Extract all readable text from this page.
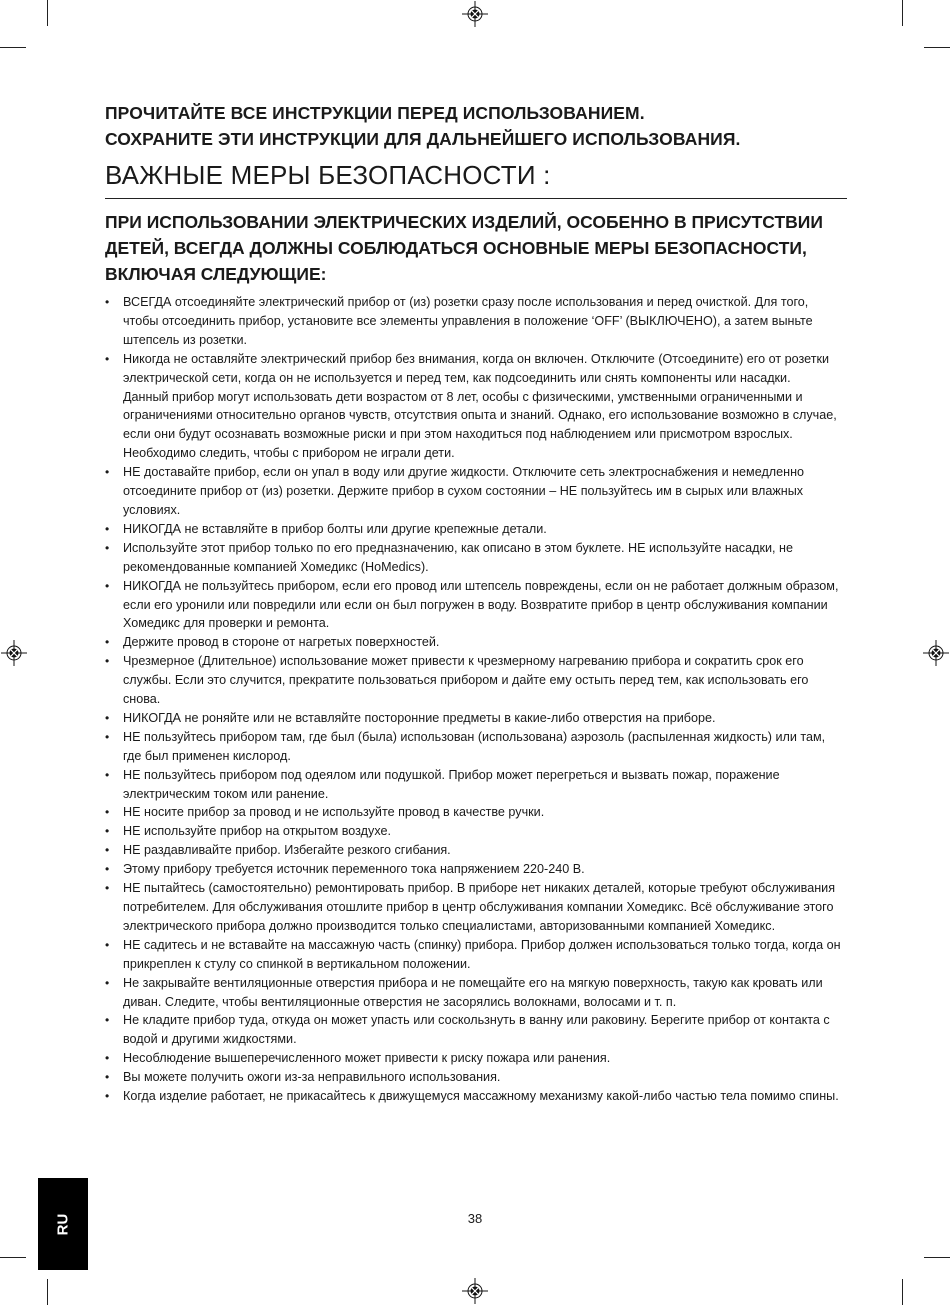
ПРОЧИТАЙТЕ ВСЕ ИНСТРУКЦИИ ПЕРЕД ИСПОЛЬЗОВАНИЕМ.
СОХРАНИТЕ ЭТИ ИНСТРУКЦИИ ДЛЯ ДАЛЬНЕЙШЕГО ИСПОЛЬЗОВАНИЯ.

ВАЖНЫЕ МЕРЫ БЕЗОПАСНОСТИ :
ПРИ ИСПОЛЬЗОВАНИИ ЭЛЕКТРИЧЕСКИХ ИЗДЕЛИЙ, ОСОБЕННО В ПРИСУТСТВИИ ДЕТЕЙ, ВСЕГДА ДОЛЖНЫ СОБЛЮДАТЬСЯ ОСНОВНЫЕ МЕРЫ БЕЗОПАСНОСТИ, ВКЛЮЧАЯ СЛЕДУЮЩИЕ:

• ВСЕГДА отсоединяйте электрический прибор от (из) розетки сразу после использования и перед очисткой. Для того, чтобы отсоединить прибор, установите все элементы управления в положение ‘OFF’ (ВЫКЛЮЧЕНО), а затем выньте штепсель из розетки.

• Никогда не оставляйте электрический прибор без внимания, когда он включен. Отключите (Отсоедините) его от розетки электрической сети, когда он не используется и перед тем, как подсоединить или снять компоненты или насадки.

Данный прибор могут использовать дети возрастом от 8 лет, особы с физическими, умственными ограниченными и ограничениями относительно органов чувств, отсутствия опыта и знаний. Однако, его использование возможно в случае, если они будут осознавать возможные риски и при этом находиться под наблюдением или присмотром взрослых.

Необходимо следить, чтобы с прибором не играли дети.

• НЕ доставайте прибор, если он упал в воду или другие жидкости. Отключите сеть электроснабжения и немедленно отсоедините прибор от (из) розетки. Держите прибор в сухом состоянии – НЕ пользуйтесь им в сырых или влажных условиях.

• НИКОГДА не вставляйте в прибор болты или другие крепежные детали.

• Используйте этот прибор только по его предназначению, как описано в этом буклете. НЕ используйте насадки, не рекомендованные компанией Хомедикс (HoMedics).

• НИКОГДА не пользуйтесь прибором, если его провод или штепсель повреждены, если он не работает должным образом, если его уронили или повредили или если он был погружен в воду. Возвратите прибор в центр обслуживания компании Хомедикс для проверки и ремонта.

• Держите провод в стороне от нагретых поверхностей.

• Чрезмерное (Длительное) использование может привести к чрезмерному нагреванию прибора и сократить срок его службы. Если это случится, прекратите пользоваться прибором и дайте ему остыть перед тем, как использовать его снова.

• НИКОГДА не роняйте или не вставляйте посторонние предметы в какие-либо отверстия на приборе.

• НЕ пользуйтесь прибором там, где был (была) использован (использована) аэрозоль (распыленная жидкость) или там, где был применен кислород.

• НЕ пользуйтесь прибором под одеялом или подушкой. Прибор может перегреться и вызвать пожар, поражение электрическим током или ранение.

• НЕ носите прибор за провод и не используйте провод в качестве ручки.

• НЕ используйте прибор на открытом воздухе.

• НЕ раздавливайте прибор. Избегайте резкого сгибания.

• Этому прибору требуется источник переменного тока напряжением 220-240 В.

• НЕ пытайтесь (самостоятельно) ремонтировать прибор. В приборе нет никаких деталей, которые требуют обслуживания потребителем. Для обслуживания отошлите прибор в центр обслуживания компании Хомедикс. Всё обслуживание этого электрического прибора должно производится только специалистами, авторизованными компанией Хомедикс.

• НЕ садитесь и не вставайте на массажную часть (спинку) прибора. Прибор должен использоваться только тогда, когда он прикреплен к стулу со спинкой в вертикальном положении.

• Не закрывайте вентиляционные отверстия прибора и не помещайте его на мягкую поверхность, такую как кровать или диван. Следите, чтобы вентиляционные отверстия не засорялись волокнами, волосами и т. п.

• Не кладите прибор туда, откуда он может упасть или соскользнуть в ванну или раковину. Берегите прибор от контакта с водой и другими жидкостями.

• Несоблюдение вышеперечисленного может привести к риску пожара или ранения.

• Вы можете получить ожоги из-за неправильного использования.

• Когда изделие работает, не прикасайтесь к движущемуся массажному механизму какой-либо частью тела помимо спины.

RU	38
